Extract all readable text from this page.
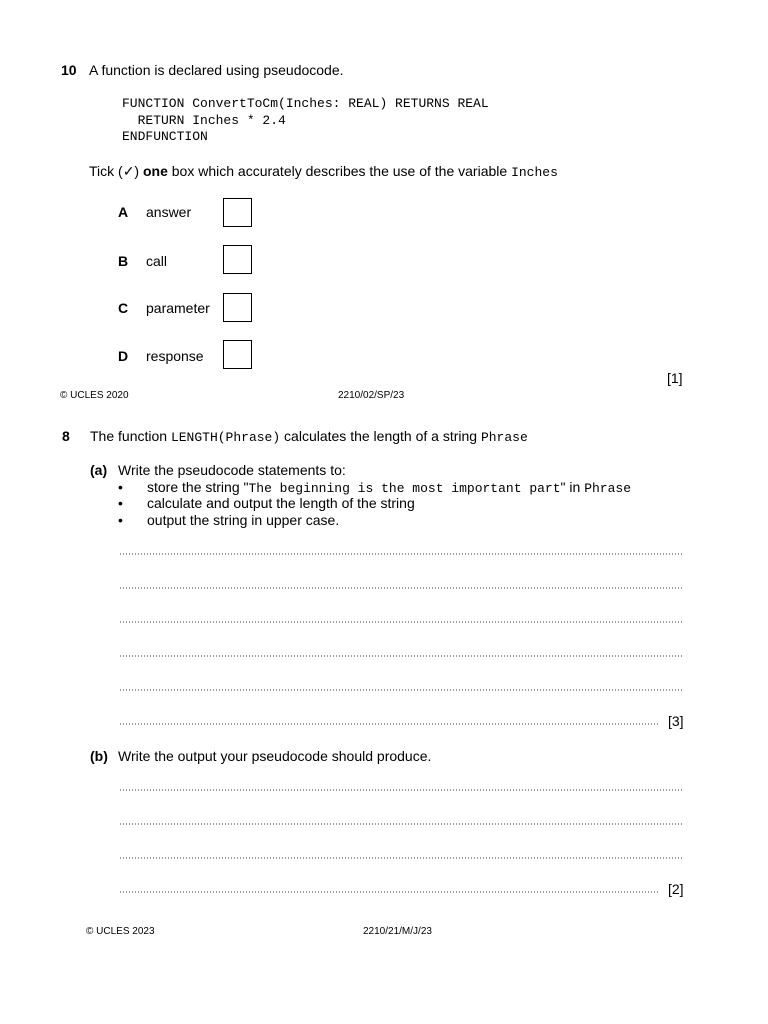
10 A function is declared using pseudocode.
FUNCTION ConvertToCm(Inches: REAL) RETURNS REAL
RETURN Inches * 2.4
ENDFUNCTION
Tick (✓) one box which accurately describes the use of the variable Inches
A answer
B call
C parameter
D response
[1]
© UCLES 2020	2210/02/SP/23
8 The function LENGTH(Phrase) calculates the length of a string Phrase
(a) Write the pseudocode statements to:
• store the string "The beginning is the most important part" in Phrase
• calculate and output the length of the string
• output the string in upper case.
[3]
(b) Write the output your pseudocode should produce.
[2]
© UCLES 2023	2210/21/M/J/23
